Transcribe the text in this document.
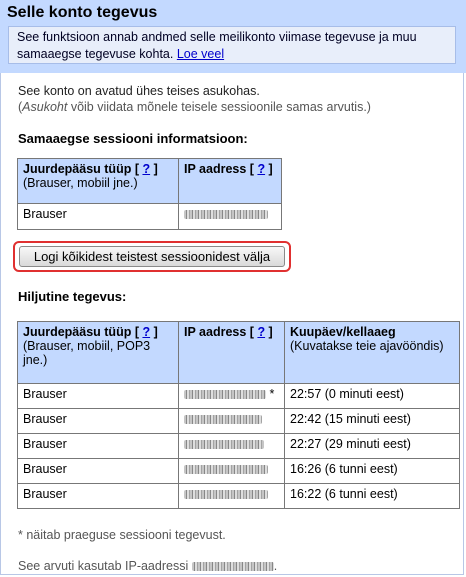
Selle konto tegevus
See funktsioon annab andmed selle meilikonto viimase tegevuse ja muu samaaegse tegevuse kohta. Loe veel
See konto on avatud ühes teises asukohas.
(Asukoht võib viidata mõnele teisele sessioonile samas arvutis.)
Samaaegse sessiooni informatsioon:
Juurdepääsu tüüp [ ? ]
(Brauser, mobiil jne.)	IP aadress [ ? ]
Brauser	
Logi kõikidest teistest sessioonidest välja
Hiljutine tegevus:
Juurdepääsu tüüp [ ? ]
(Brauser, mobiil, POP3 jne.)	IP aadress [ ? ]	Kuupäev/kellaaeg
(Kuvatakse teie ajavööndis)

Brauser	*	22:57 (0 minuti eest)
Brauser		22:42 (15 minuti eest)
Brauser		22:27 (29 minuti eest)
Brauser		16:26 (6 tunni eest)
Brauser		16:22 (6 tunni eest)
* näitab praeguse sessiooni tegevust.
See arvuti kasutab IP-aadressi	.
